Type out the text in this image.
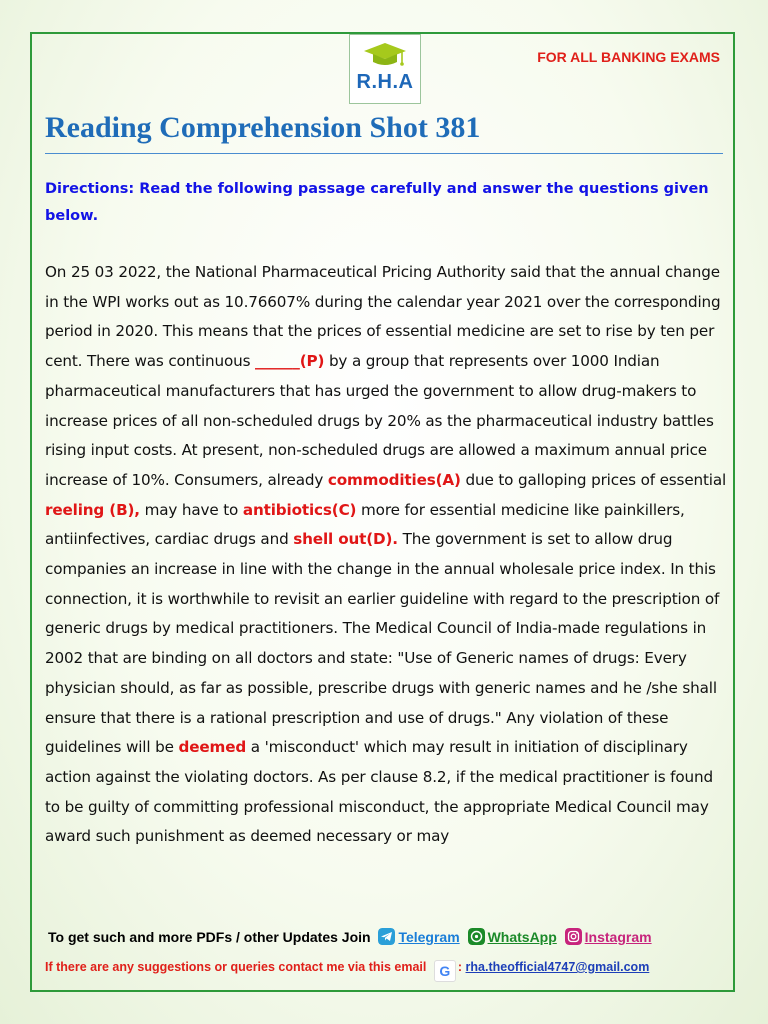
R.H.A
FOR ALL BANKING EXAMS
Reading Comprehension Shot 381
Directions: Read the following passage carefully and answer the questions given below.
On 25 03 2022, the National Pharmaceutical Pricing Authority said that the annual change in the WPI works out as 10.76607% during the calendar year 2021 over the corresponding period in 2020. This means that the prices of essential medicine are set to rise by ten per cent. There was continuous ______(P) by a group that represents over 1000 Indian pharmaceutical manufacturers that has urged the government to allow drug-makers to increase prices of all non-scheduled drugs by 20% as the pharmaceutical industry battles rising input costs. At present, non-scheduled drugs are allowed a maximum annual price increase of 10%. Consumers, already commodities(A) due to galloping prices of essential reeling (B), may have to antibiotics(C) more for essential medicine like painkillers, antiinfectives, cardiac drugs and shell out(D). The government is set to allow drug companies an increase in line with the change in the annual wholesale price index. In this connection, it is worthwhile to revisit an earlier guideline with regard to the prescription of generic drugs by medical practitioners. The Medical Council of India-made regulations in 2002 that are binding on all doctors and state: "Use of Generic names of drugs: Every physician should, as far as possible, prescribe drugs with generic names and he /she shall ensure that there is a rational prescription and use of drugs." Any violation of these guidelines will be deemed a 'misconduct' which may result in initiation of disciplinary action against the violating doctors. As per clause 8.2, if the medical practitioner is found to be guilty of committing professional misconduct, the appropriate Medical Council may award such punishment as deemed necessary or may
To get such and more PDFs / other Updates Join Telegram WhatsApp Instagram
If there are any suggestions or queries contact me via this email G : rha.theofficial4747@gmail.com
